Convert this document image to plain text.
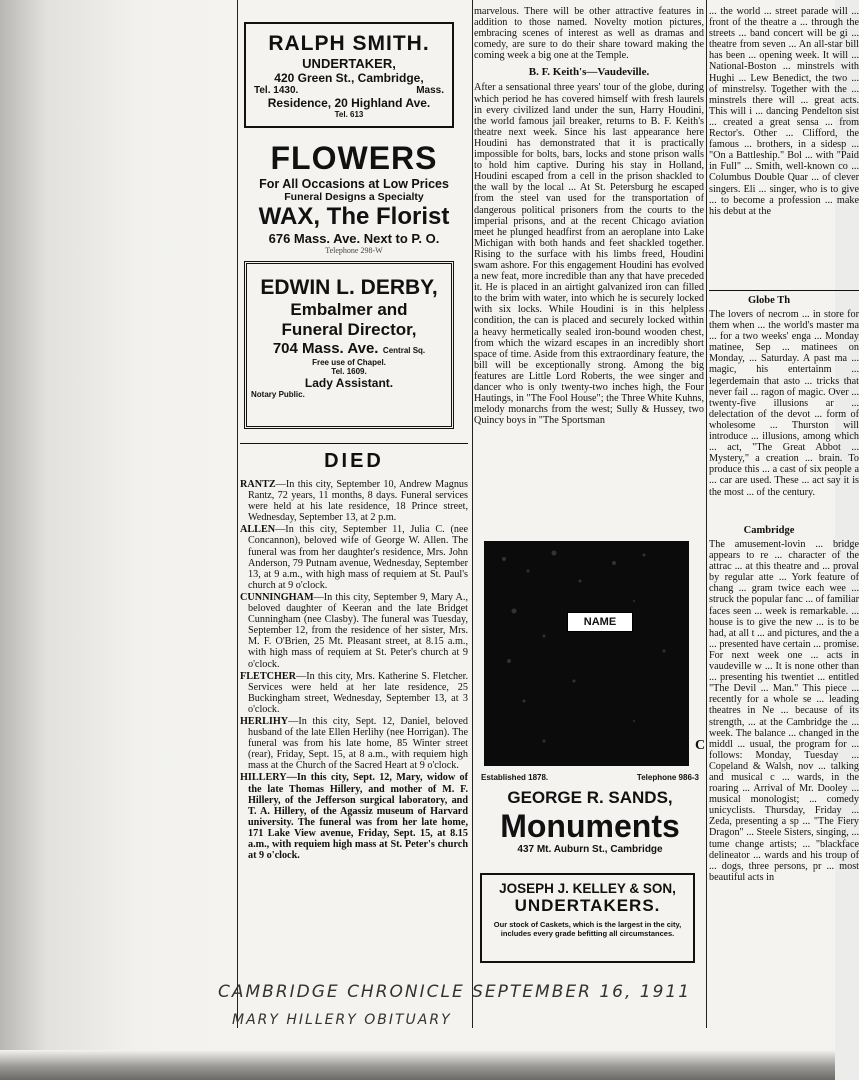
RALPH SMITH.
UNDERTAKER,
420 Green St., Cambridge,
Tel. 1430.	Mass.
Residence, 20 Highland Ave.
Tel. 613
FLOWERS
For All Occasions at Low Prices
Funeral Designs a Specialty
WAX, The Florist
676 Mass. Ave. Next to P. O.
Telephone 298-W
EDWIN L. DERBY,
Embalmer and
Funeral Director,
704 Mass. Ave. Central Sq.
Free use of Chapel.
Tel. 1609.
Lady Assistant.
Notary Public.
DIED

RANTZ—In this city, September 10, Andrew Magnus Rantz, 72 years, 11 months, 8 days. Funeral services were held at his late residence, 18 Prince street, Wednesday, September 13, at 2 p.m.

ALLEN—In this city, September 11, Julia C. (nee Concannon), beloved wife of George W. Allen. The funeral was from her daughter's residence, Mrs. John Anderson, 79 Putnam avenue, Wednesday, September 13, at 9 a.m., with high mass of requiem at St. Paul's church at 9 o'clock.

CUNNINGHAM—In this city, September 9, Mary A., beloved daughter of Keeran and the late Bridget Cunningham (nee Clasby). The funeral was Tuesday, September 12, from the residence of her sister, Mrs. M. F. O'Brien, 25 Mt. Pleasant street, at 8.15 a.m., with high mass of requiem at St. Peter's church at 9 o'clock.

FLETCHER—In this city, Mrs. Katherine S. Fletcher. Services were held at her late residence, 25 Buckingham street, Wednesday, September 13, at 3 o'clock.

HERLIHY—In this city, Sept. 12, Daniel, beloved husband of the late Ellen Herlihy (nee Horrigan). The funeral was from his late home, 85 Winter street (rear), Friday, Sept. 15, at 8 a.m., with requiem high mass at the Church of the Sacred Heart at 9 o'clock.

HILLERY—In this city, Sept. 12, Mary, widow of the late Thomas Hillery, and mother of M. F. Hillery, of the Jefferson surgical laboratory, and T. A. Hillery, of the Agassiz museum of Harvard university. The funeral was from her late home, 171 Lake View avenue, Friday, Sept. 15, at 8.15 a.m., with requiem high mass at St. Peter's church at 9 o'clock.

marvelous. There will be other attractive features in addition to those named. Novelty motion pictures, embracing scenes of interest as well as dramas and comedy, are sure to do their share toward making the coming week a big one at the Temple.

B. F. Keith's—Vaudeville.

After a sensational three years' tour of the globe, during which period he has covered himself with fresh laurels in every civilized land under the sun, Harry Houdini, the world famous jail breaker, returns to B. F. Keith's theatre next week. Since his last appearance here Houdini has demonstrated that it is practically impossible for bolts, bars, locks and stone prison walls to hold him captive. During his stay in Holland, Houdini escaped from a cell in the prison shackled to the wall by the local ... At St. Petersburg he escaped from the steel van used for the transportation of dangerous political prisoners from the courts to the imperial prisons, and at the recent Chicago aviation meet he plunged headfirst from an aeroplane into Lake Michigan with both hands and feet shackled together. Rising to the surface with his limbs freed, Houdini swam ashore. For this engagement Houdini has evolved a new feat, more incredible than any that have preceded it. He is placed in an airtight galvanized iron can filled to the brim with water, into which he is securely locked with six locks. While Houdini is in this helpless condition, the can is placed and securely locked within a heavy hermetically sealed iron-bound wooden chest, from which the wizard escapes in an incredibly short space of time. Aside from this extraordinary feature, the bill will be exceptionally strong. Among the big features are Little Lord Roberts, the wee singer and dancer who is only twenty-two inches high, the Four Hautings, in "The Fool House"; the Three White Kuhns, melody monarchs from the west; Sully & Hussey, two Quincy boys in "The Sportsman

NAME
C
Established 1878.	Telephone 986-3
GEORGE R. SANDS,
Monuments
437 Mt. Auburn St., Cambridge
JOSEPH J. KELLEY & SON,
UNDERTAKERS.
Our stock of Caskets, which is the largest in the city, includes every grade befitting all circumstances.

... the world ... street parade will ... front of the theatre a ... through the streets ... band concert will be gi ... theatre from seven ... An all-star bill has been ... opening week. It will ... National-Boston ... minstrels with Hughi ... Lew Benedict, the two ... of minstrelsy. Together with the ... minstrels there will ... great acts. This will i ... dancing Pendelton sist ... created a great sensa ... from Rector's. Other ... Clifford, the famous ... brothers, in a sidesp ... "On a Battleship." Bol ... with "Paid in Full" ... Smith, well-known co ... Columbus Double Quar ... of clever singers. Eli ... singer, who is to give ... to become a profession ... make his debut at the

Globe Th

The lovers of necrom ... in store for them when ... the world's master ma ... for a two weeks' enga ... Monday matinee, Sep ... matinees on Monday, ... Saturday. A past ma ... magic, his entertainm ... legerdemain that asto ... tricks that never fail ... ragon of magic. Over ... twenty-five illusions ar ... delectation of the devot ... form of wholesome ... Thurston will introduce ... illusions, among which ... act, "The Great Abbot ... Mystery," a creation ... brain. To produce this ... a cast of six people a ... car are used. These ... act say it is the most ... of the century.

Cambridge

The amusement-lovin ... bridge appears to re ... character of the attrac ... at this theatre and ... proval by regular atte ... York feature of chang ... gram twice each wee ... struck the popular fanc ... of familiar faces seen ... week is remarkable. ... house is to give the new ... is to be had, at all t ... and pictures, and the a ... presented have certain ... promise. For next week one ... acts in vaudeville w ... It is none other than ... presenting his twentiet ... entitled "The Devil ... Man." This piece ... recently for a whole se ... leading theatres in Ne ... because of its strength, ... at the Cambridge the ... week. The balance ... changed in the middl ... usual, the program for ... follows: Monday, Tuesday ... Copeland & Walsh, nov ... talking and musical c ... wards, in the roaring ... Arrival of Mr. Dooley ... musical monologist; ... comedy unicyclists. Thursday, Friday ... Zeda, presenting a sp ... "The Fiery Dragon" ... Steele Sisters, singing, ... tume change artists; ... "blackface delineator ... wards and his troup of ... dogs, three persons, pr ... most beautiful acts in

CAMBRIDGE CHRONICLE SEPTEMBER 16, 1911
MARY HILLERY OBITUARY
